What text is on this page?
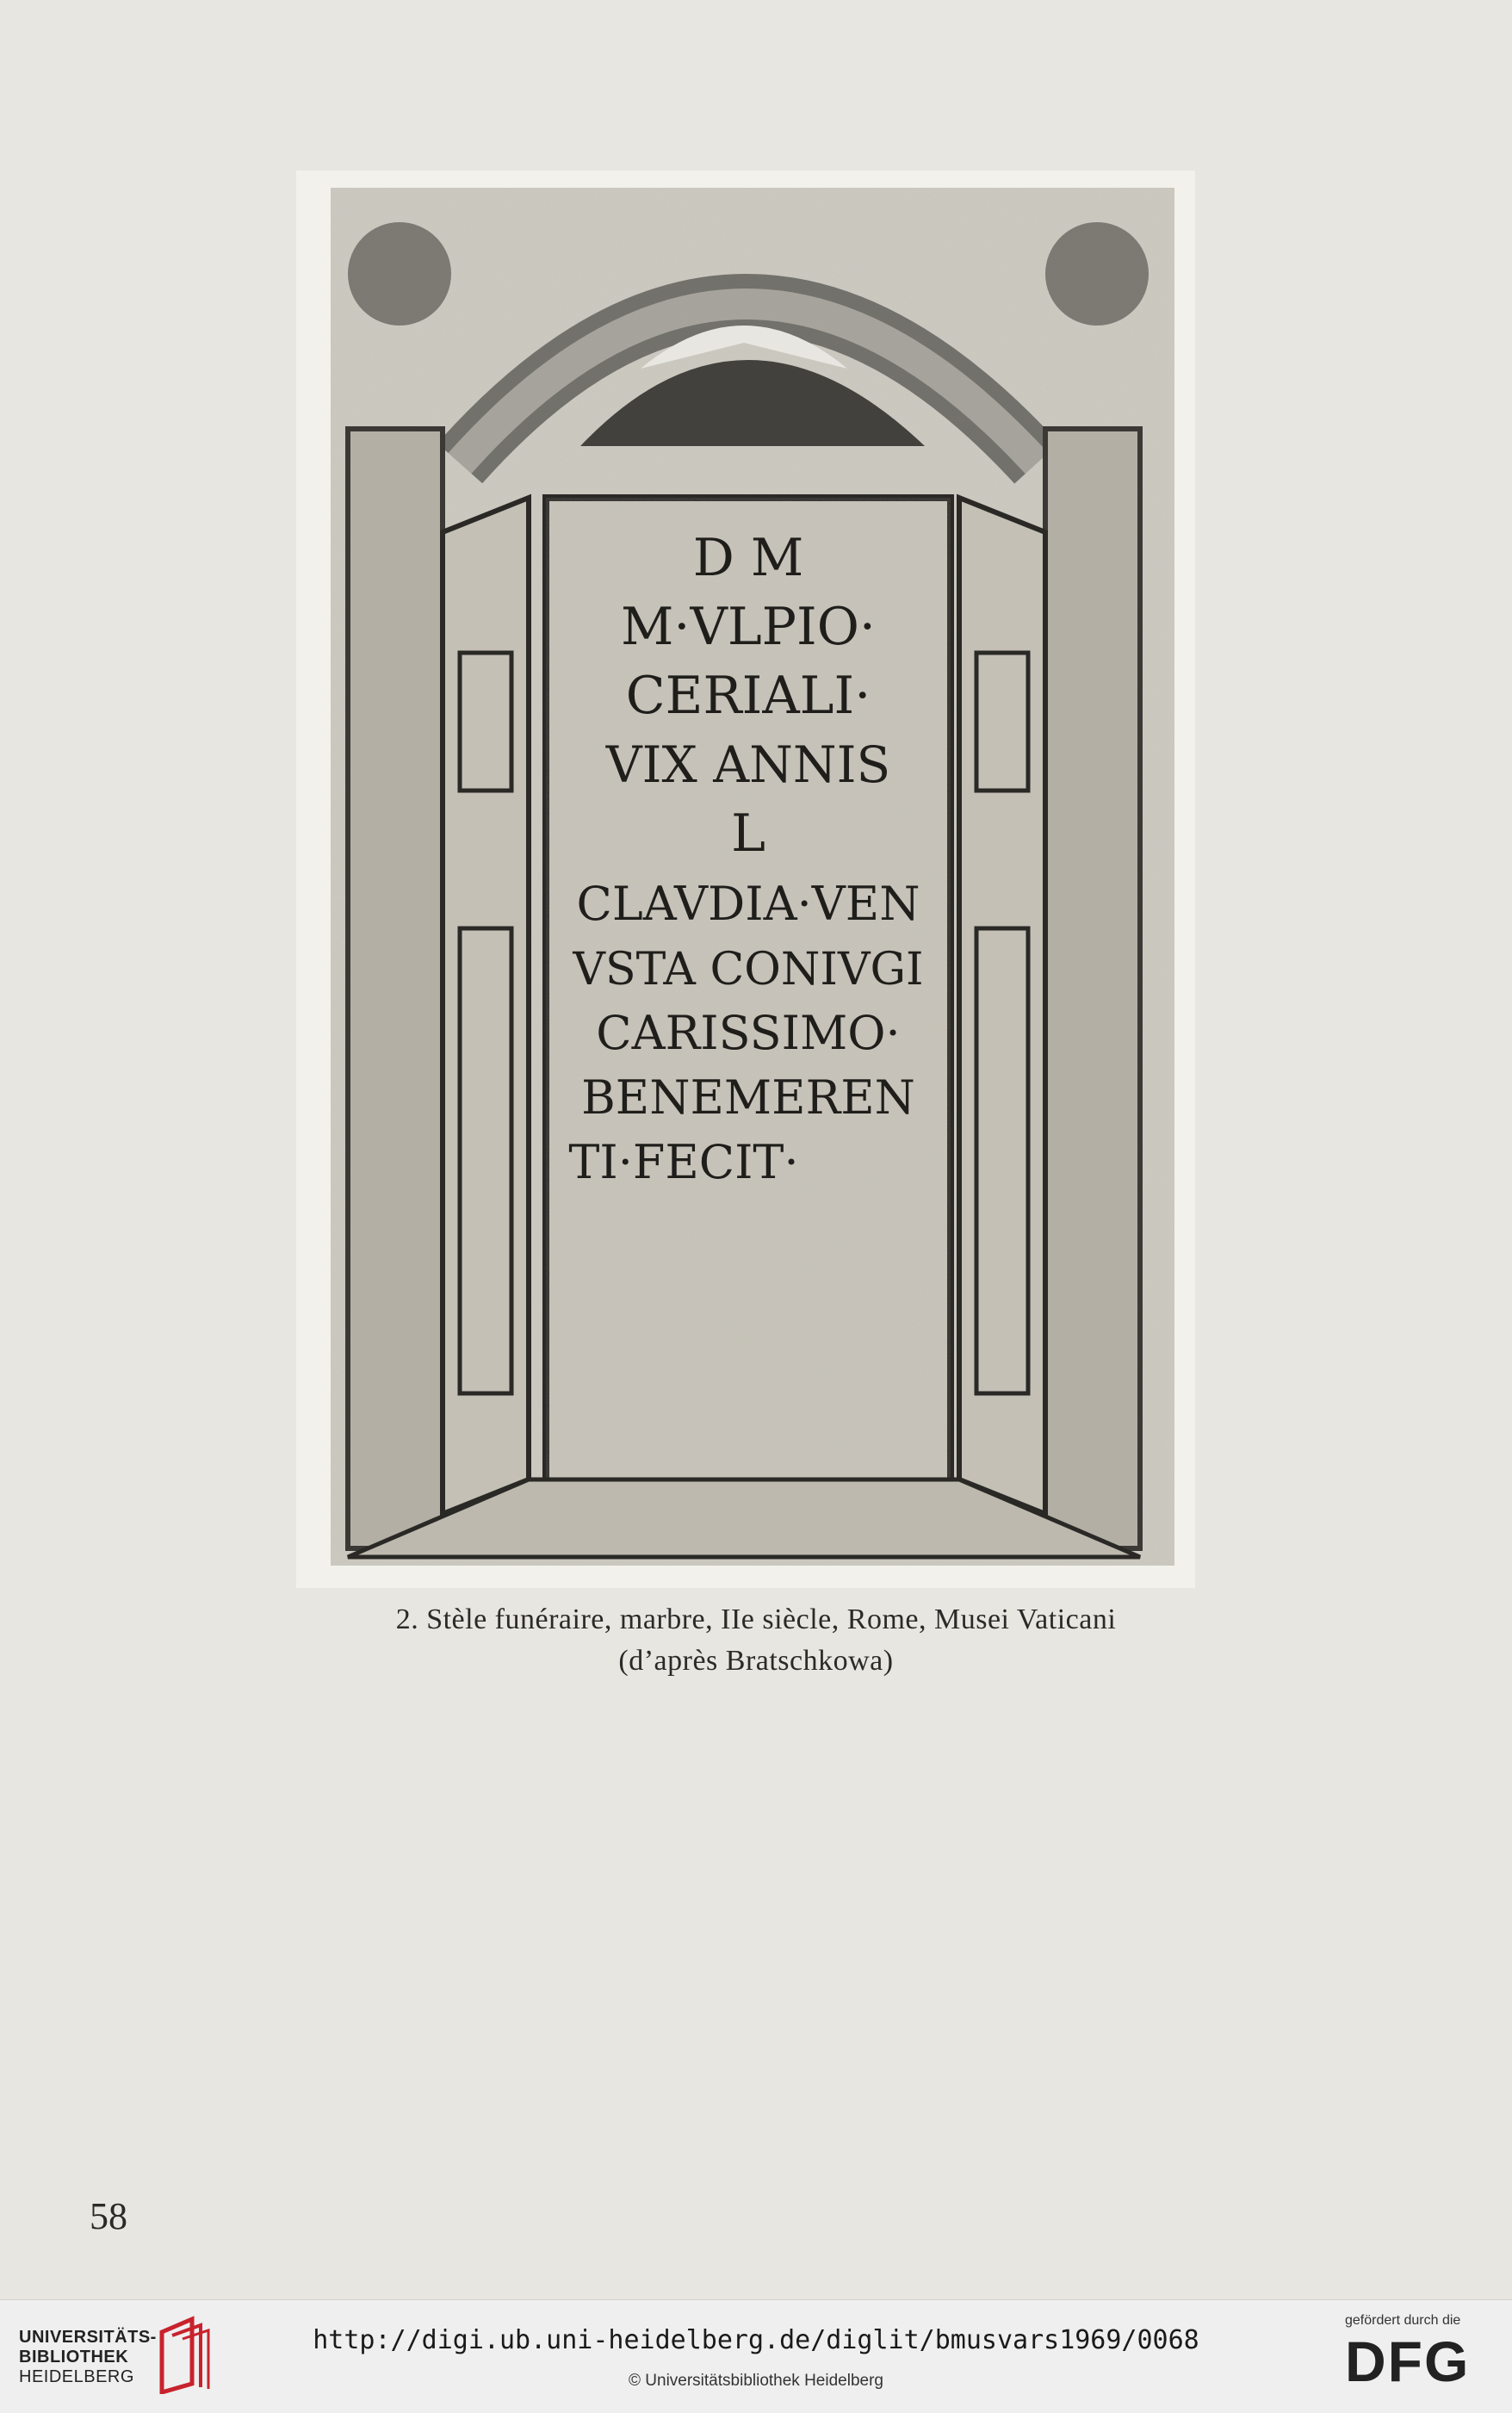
D M
M·VLPIO·
CERIALI·
VIX ANNIS
L
CLAVDIA·VEN
VSTA CONIVGI
CARISSIMO·
BENEMEREN
TI·FECIT·
2. Stèle funéraire, marbre, IIe siècle, Rome, Musei Vaticani
(d’après Bratschkowa)
58
UNIVERSITÄTS-
BIBLIOTHEK
HEIDELBERG
http://digi.ub.uni-heidelberg.de/diglit/bmusvars1969/0068
© Universitätsbibliothek Heidelberg
gefördert durch die
DFG
